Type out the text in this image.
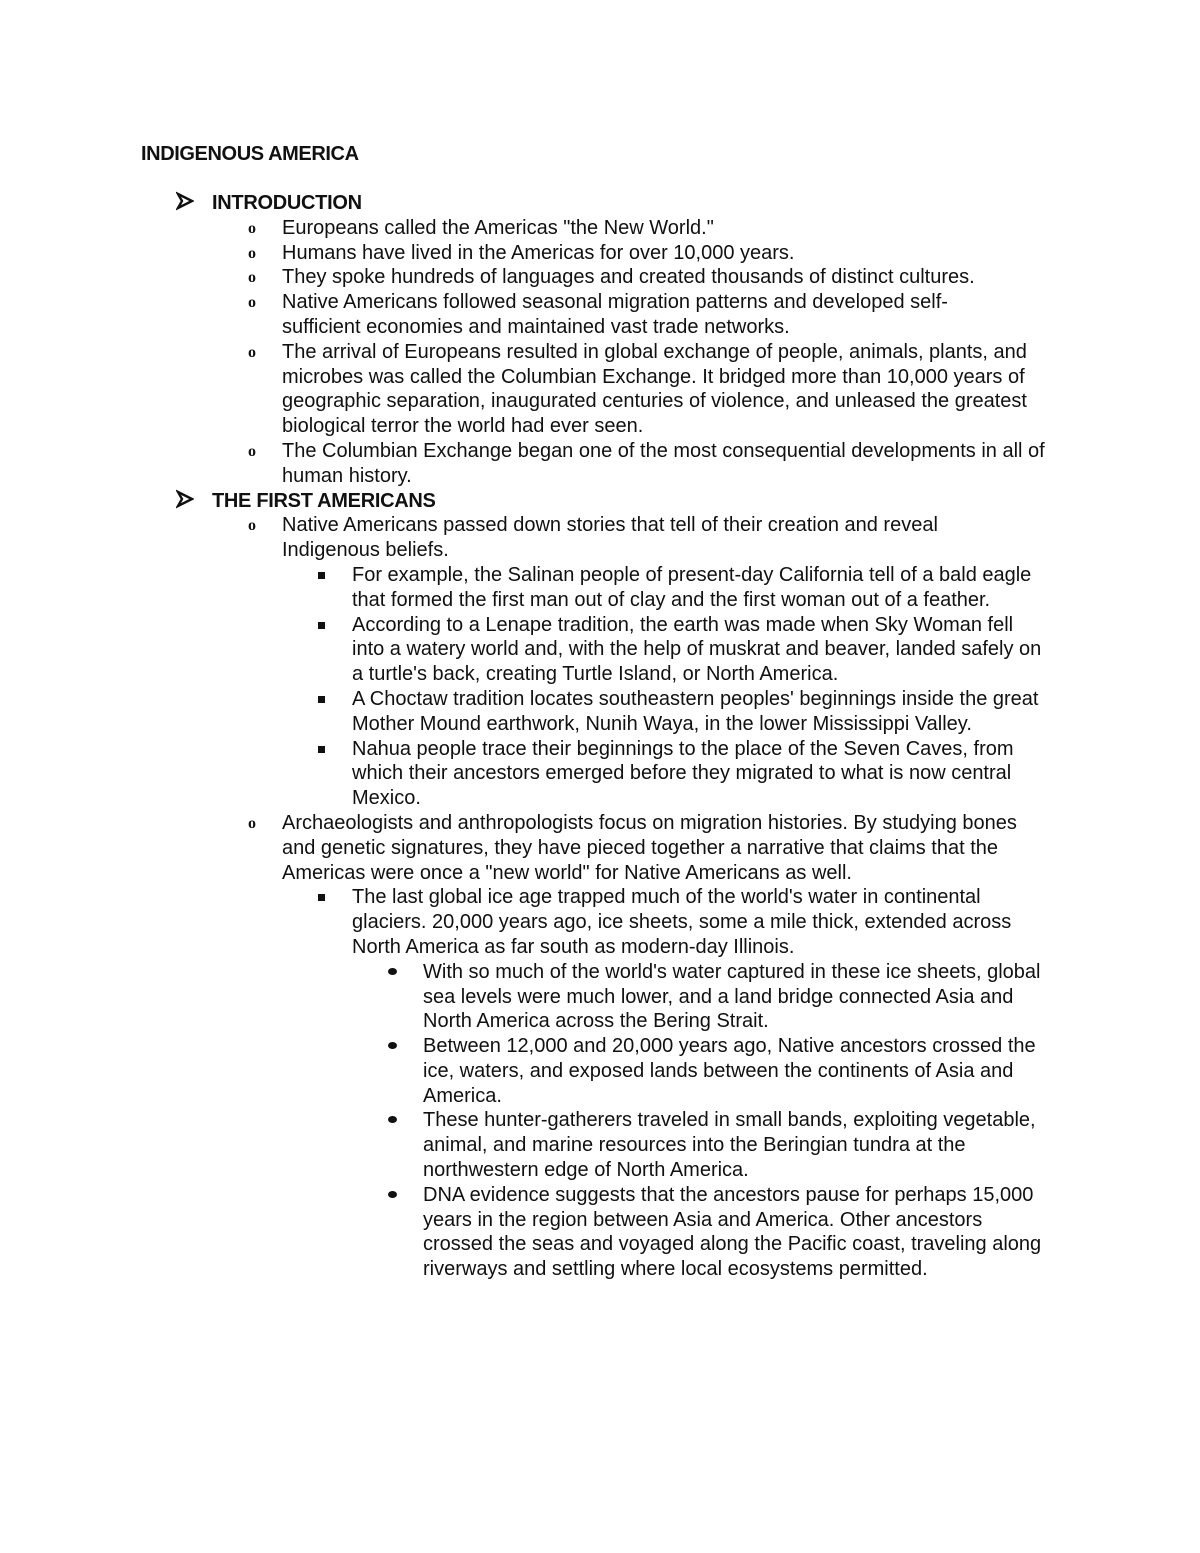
INDIGENOUS AMERICA
INTRODUCTION
o Europeans called the Americas "the New World."
o Humans have lived in the Americas for over 10,000 years.
o They spoke hundreds of languages and created thousands of distinct cultures.
o Native Americans followed seasonal migration patterns and developed self-sufficient economies and maintained vast trade networks.
o The arrival of Europeans resulted in global exchange of people, animals, plants, and microbes was called the Columbian Exchange. It bridged more than 10,000 years of geographic separation, inaugurated centuries of violence, and unleased the greatest biological terror the world had ever seen.
o The Columbian Exchange began one of the most consequential developments in all of human history.
THE FIRST AMERICANS
o Native Americans passed down stories that tell of their creation and reveal Indigenous beliefs.
For example, the Salinan people of present-day California tell of a bald eagle that formed the first man out of clay and the first woman out of a feather.
According to a Lenape tradition, the earth was made when Sky Woman fell into a watery world and, with the help of muskrat and beaver, landed safely on a turtle's back, creating Turtle Island, or North America.
A Choctaw tradition locates southeastern peoples' beginnings inside the great Mother Mound earthwork, Nunih Waya, in the lower Mississippi Valley.
Nahua people trace their beginnings to the place of the Seven Caves, from which their ancestors emerged before they migrated to what is now central Mexico.
o Archaeologists and anthropologists focus on migration histories. By studying bones and genetic signatures, they have pieced together a narrative that claims that the Americas were once a "new world" for Native Americans as well.
The last global ice age trapped much of the world's water in continental glaciers. 20,000 years ago, ice sheets, some a mile thick, extended across North America as far south as modern-day Illinois.
With so much of the world's water captured in these ice sheets, global sea levels were much lower, and a land bridge connected Asia and North America across the Bering Strait.
Between 12,000 and 20,000 years ago, Native ancestors crossed the ice, waters, and exposed lands between the continents of Asia and America.
These hunter-gatherers traveled in small bands, exploiting vegetable, animal, and marine resources into the Beringian tundra at the northwestern edge of North America.
DNA evidence suggests that the ancestors pause for perhaps 15,000 years in the region between Asia and America. Other ancestors crossed the seas and voyaged along the Pacific coast, traveling along riverways and settling where local ecosystems permitted.
